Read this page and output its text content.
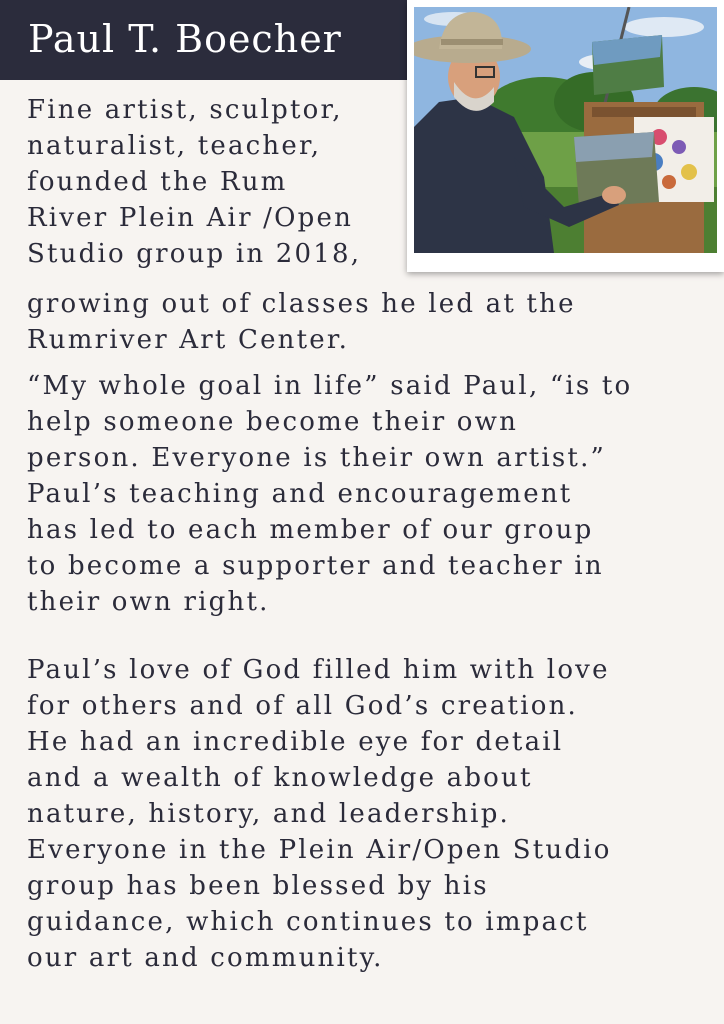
Paul T. Boecher

Fine artist, sculptor,
naturalist, teacher,
founded the Rum
River Plein Air /Open
Studio group in 2018,

growing out of classes he led at the
Rumriver Art Center.

“My whole goal in life” said Paul, “is to
help someone become their own
person. Everyone is their own artist.”
Paul’s teaching and encouragement
has led to each member of our group
to become a supporter and teacher in
their own right.

Paul’s love of God filled him with love
for others and of all God’s creation.
He had an incredible eye for detail
and a wealth of knowledge about
nature, history, and leadership.
Everyone in the Plein Air/Open Studio
group has been blessed by his
guidance, which continues to impact
our art and community.
